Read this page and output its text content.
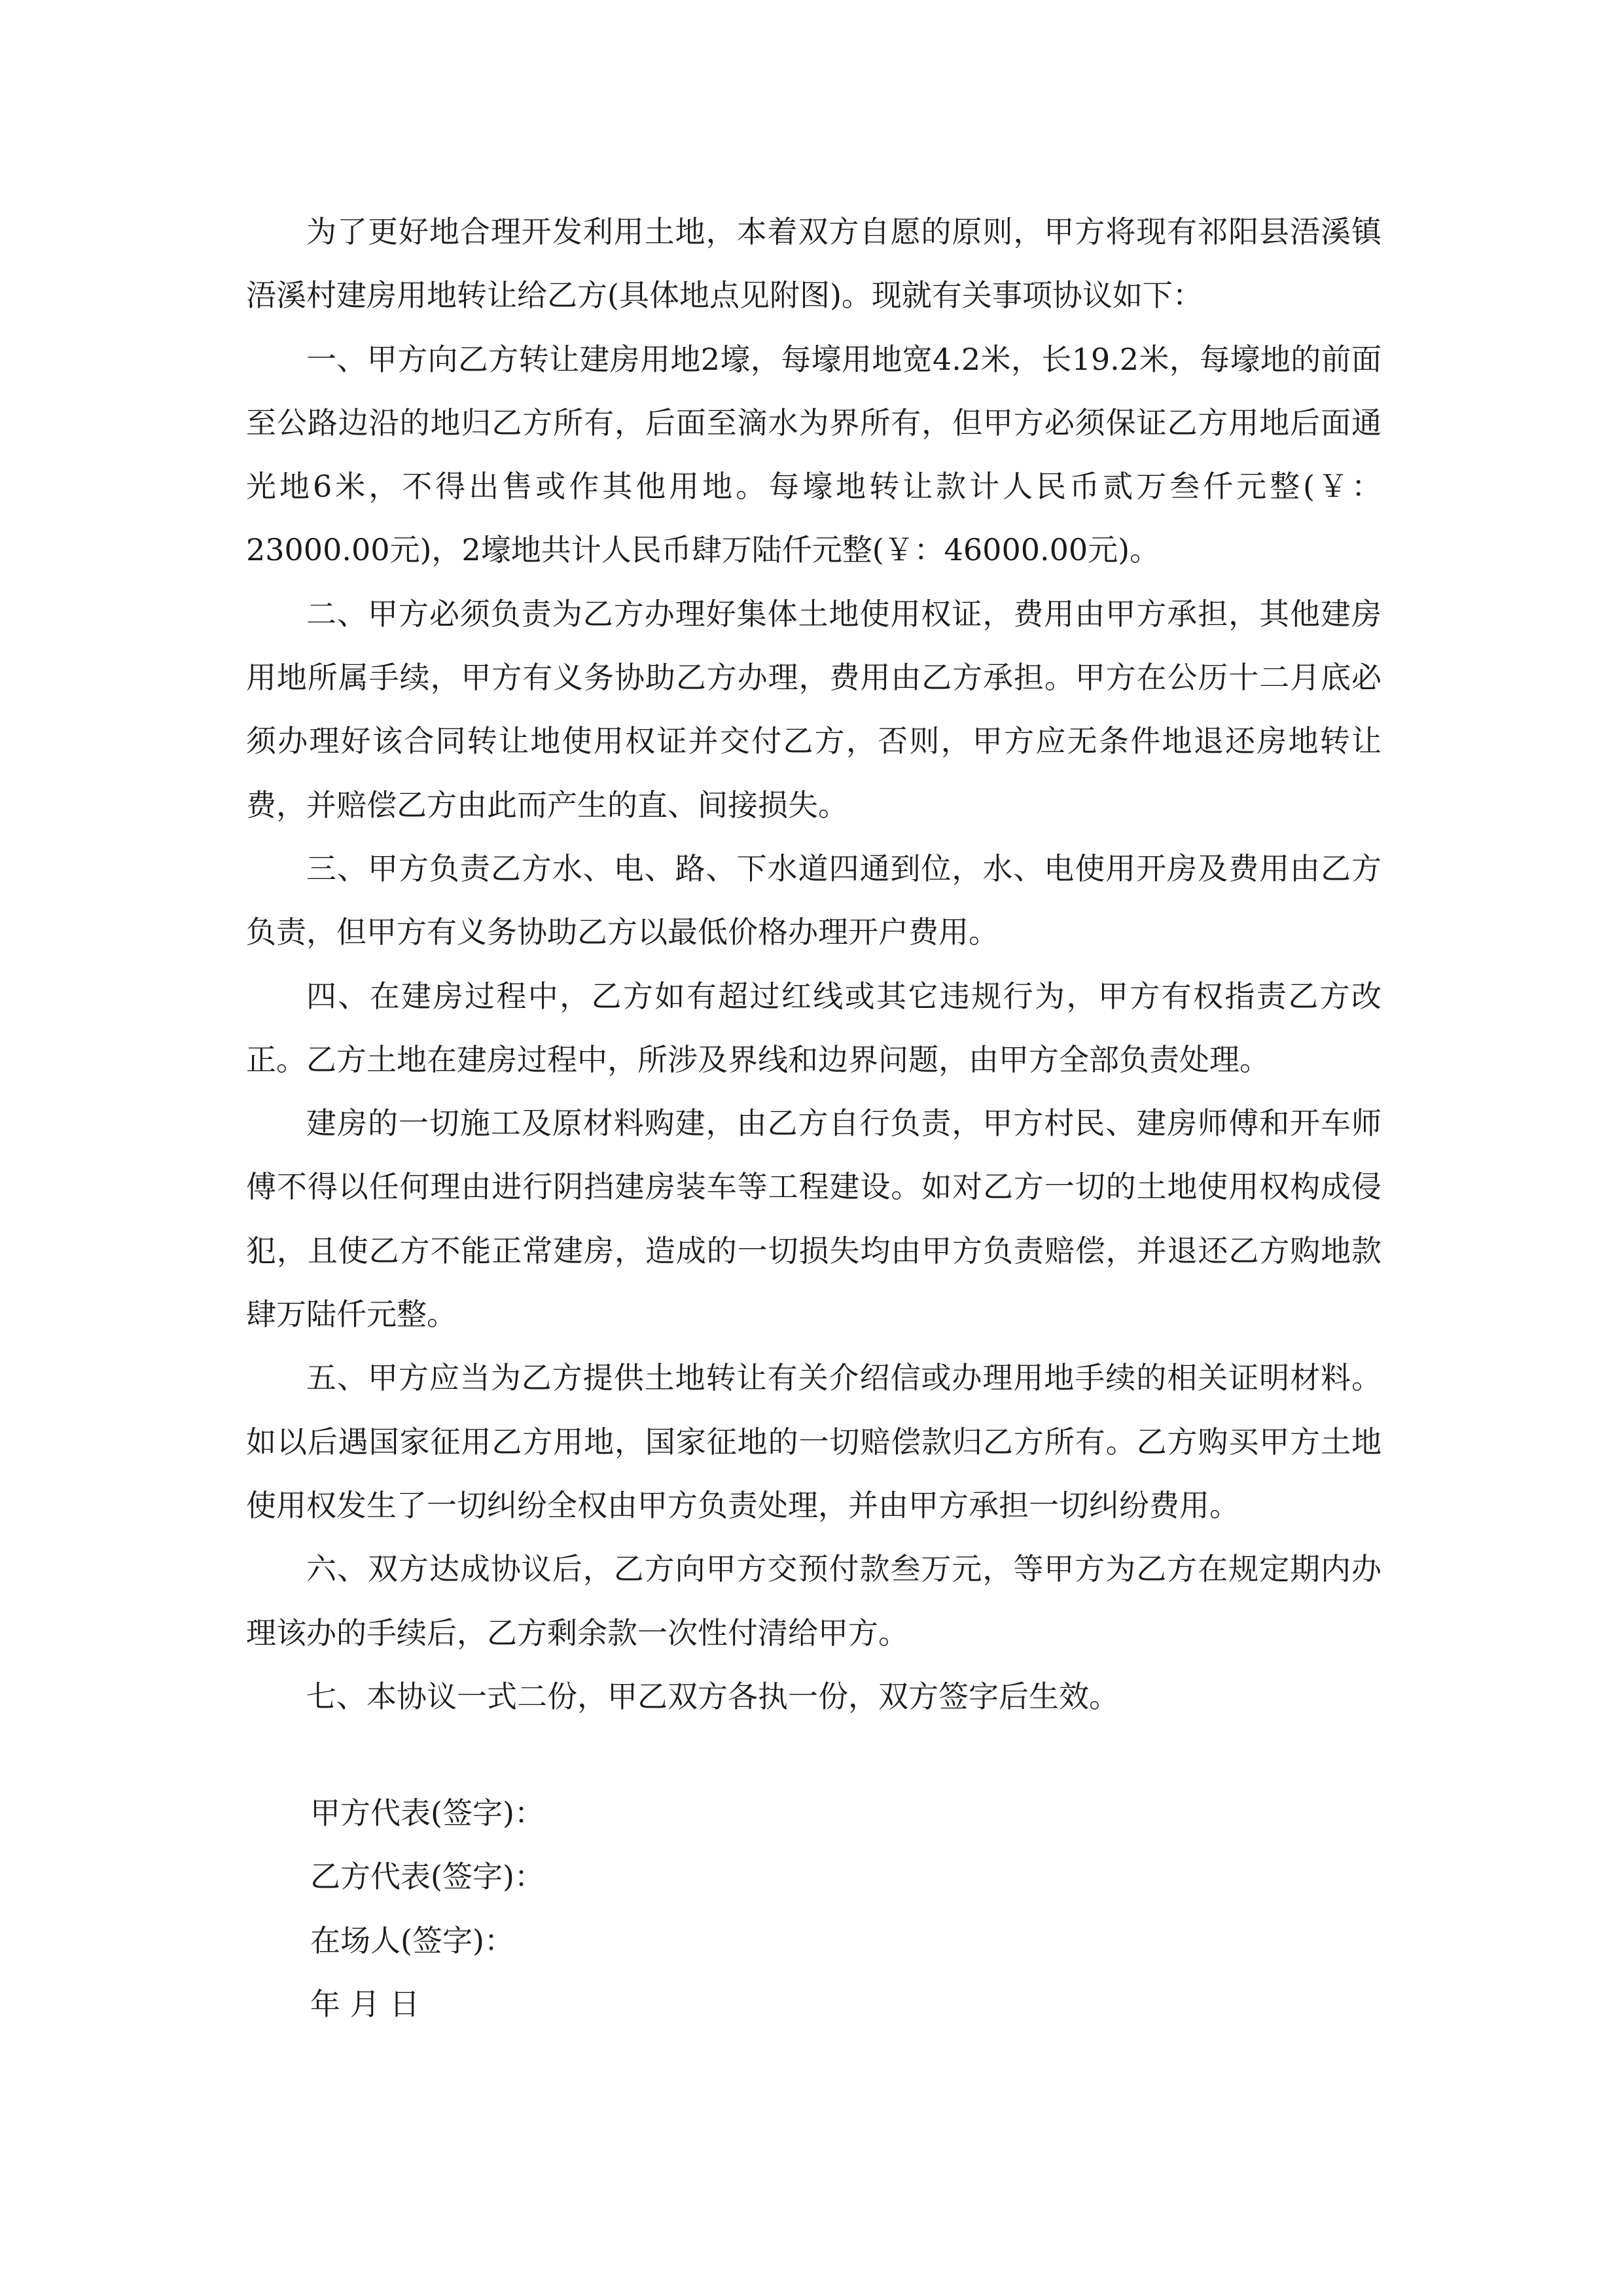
为了更好地合理开发利用土地，本着双方自愿的原则，甲方将现有祁阳县浯溪镇浯溪村建房用地转让给乙方(具体地点见附图)。现就有关事项协议如下：

一、甲方向乙方转让建房用地2壕，每壕用地宽4.2米，长19.2米，每壕地的前面至公路边沿的地归乙方所有，后面至滴水为界所有，但甲方必须保证乙方用地后面通光地6米，不得出售或作其他用地。每壕地转让款计人民币贰万叁仟元整(￥：23000.00元)，2壕地共计人民币肆万陆仟元整(￥：46000.00元)。

二、甲方必须负责为乙方办理好集体土地使用权证，费用由甲方承担，其他建房用地所属手续，甲方有义务协助乙方办理，费用由乙方承担。甲方在公历十二月底必须办理好该合同转让地使用权证并交付乙方，否则，甲方应无条件地退还房地转让费，并赔偿乙方由此而产生的直、间接损失。

三、甲方负责乙方水、电、路、下水道四通到位，水、电使用开房及费用由乙方负责，但甲方有义务协助乙方以最低价格办理开户费用。

四、在建房过程中，乙方如有超过红线或其它违规行为，甲方有权指责乙方改正。乙方土地在建房过程中，所涉及界线和边界问题，由甲方全部负责处理。

建房的一切施工及原材料购建，由乙方自行负责，甲方村民、建房师傅和开车师傅不得以任何理由进行阴挡建房装车等工程建设。如对乙方一切的土地使用权构成侵犯，且使乙方不能正常建房，造成的一切损失均由甲方负责赔偿，并退还乙方购地款肆万陆仟元整。

五、甲方应当为乙方提供土地转让有关介绍信或办理用地手续的相关证明材料。如以后遇国家征用乙方用地，国家征地的一切赔偿款归乙方所有。乙方购买甲方土地使用权发生了一切纠纷全权由甲方负责处理，并由甲方承担一切纠纷费用。

六、双方达成协议后，乙方向甲方交预付款叁万元，等甲方为乙方在规定期内办理该办的手续后，乙方剩余款一次性付清给甲方。

七、本协议一式二份，甲乙双方各执一份，双方签字后生效。

甲方代表(签字)：

乙方代表(签字)：

在场人(签字)：

年 月 日
